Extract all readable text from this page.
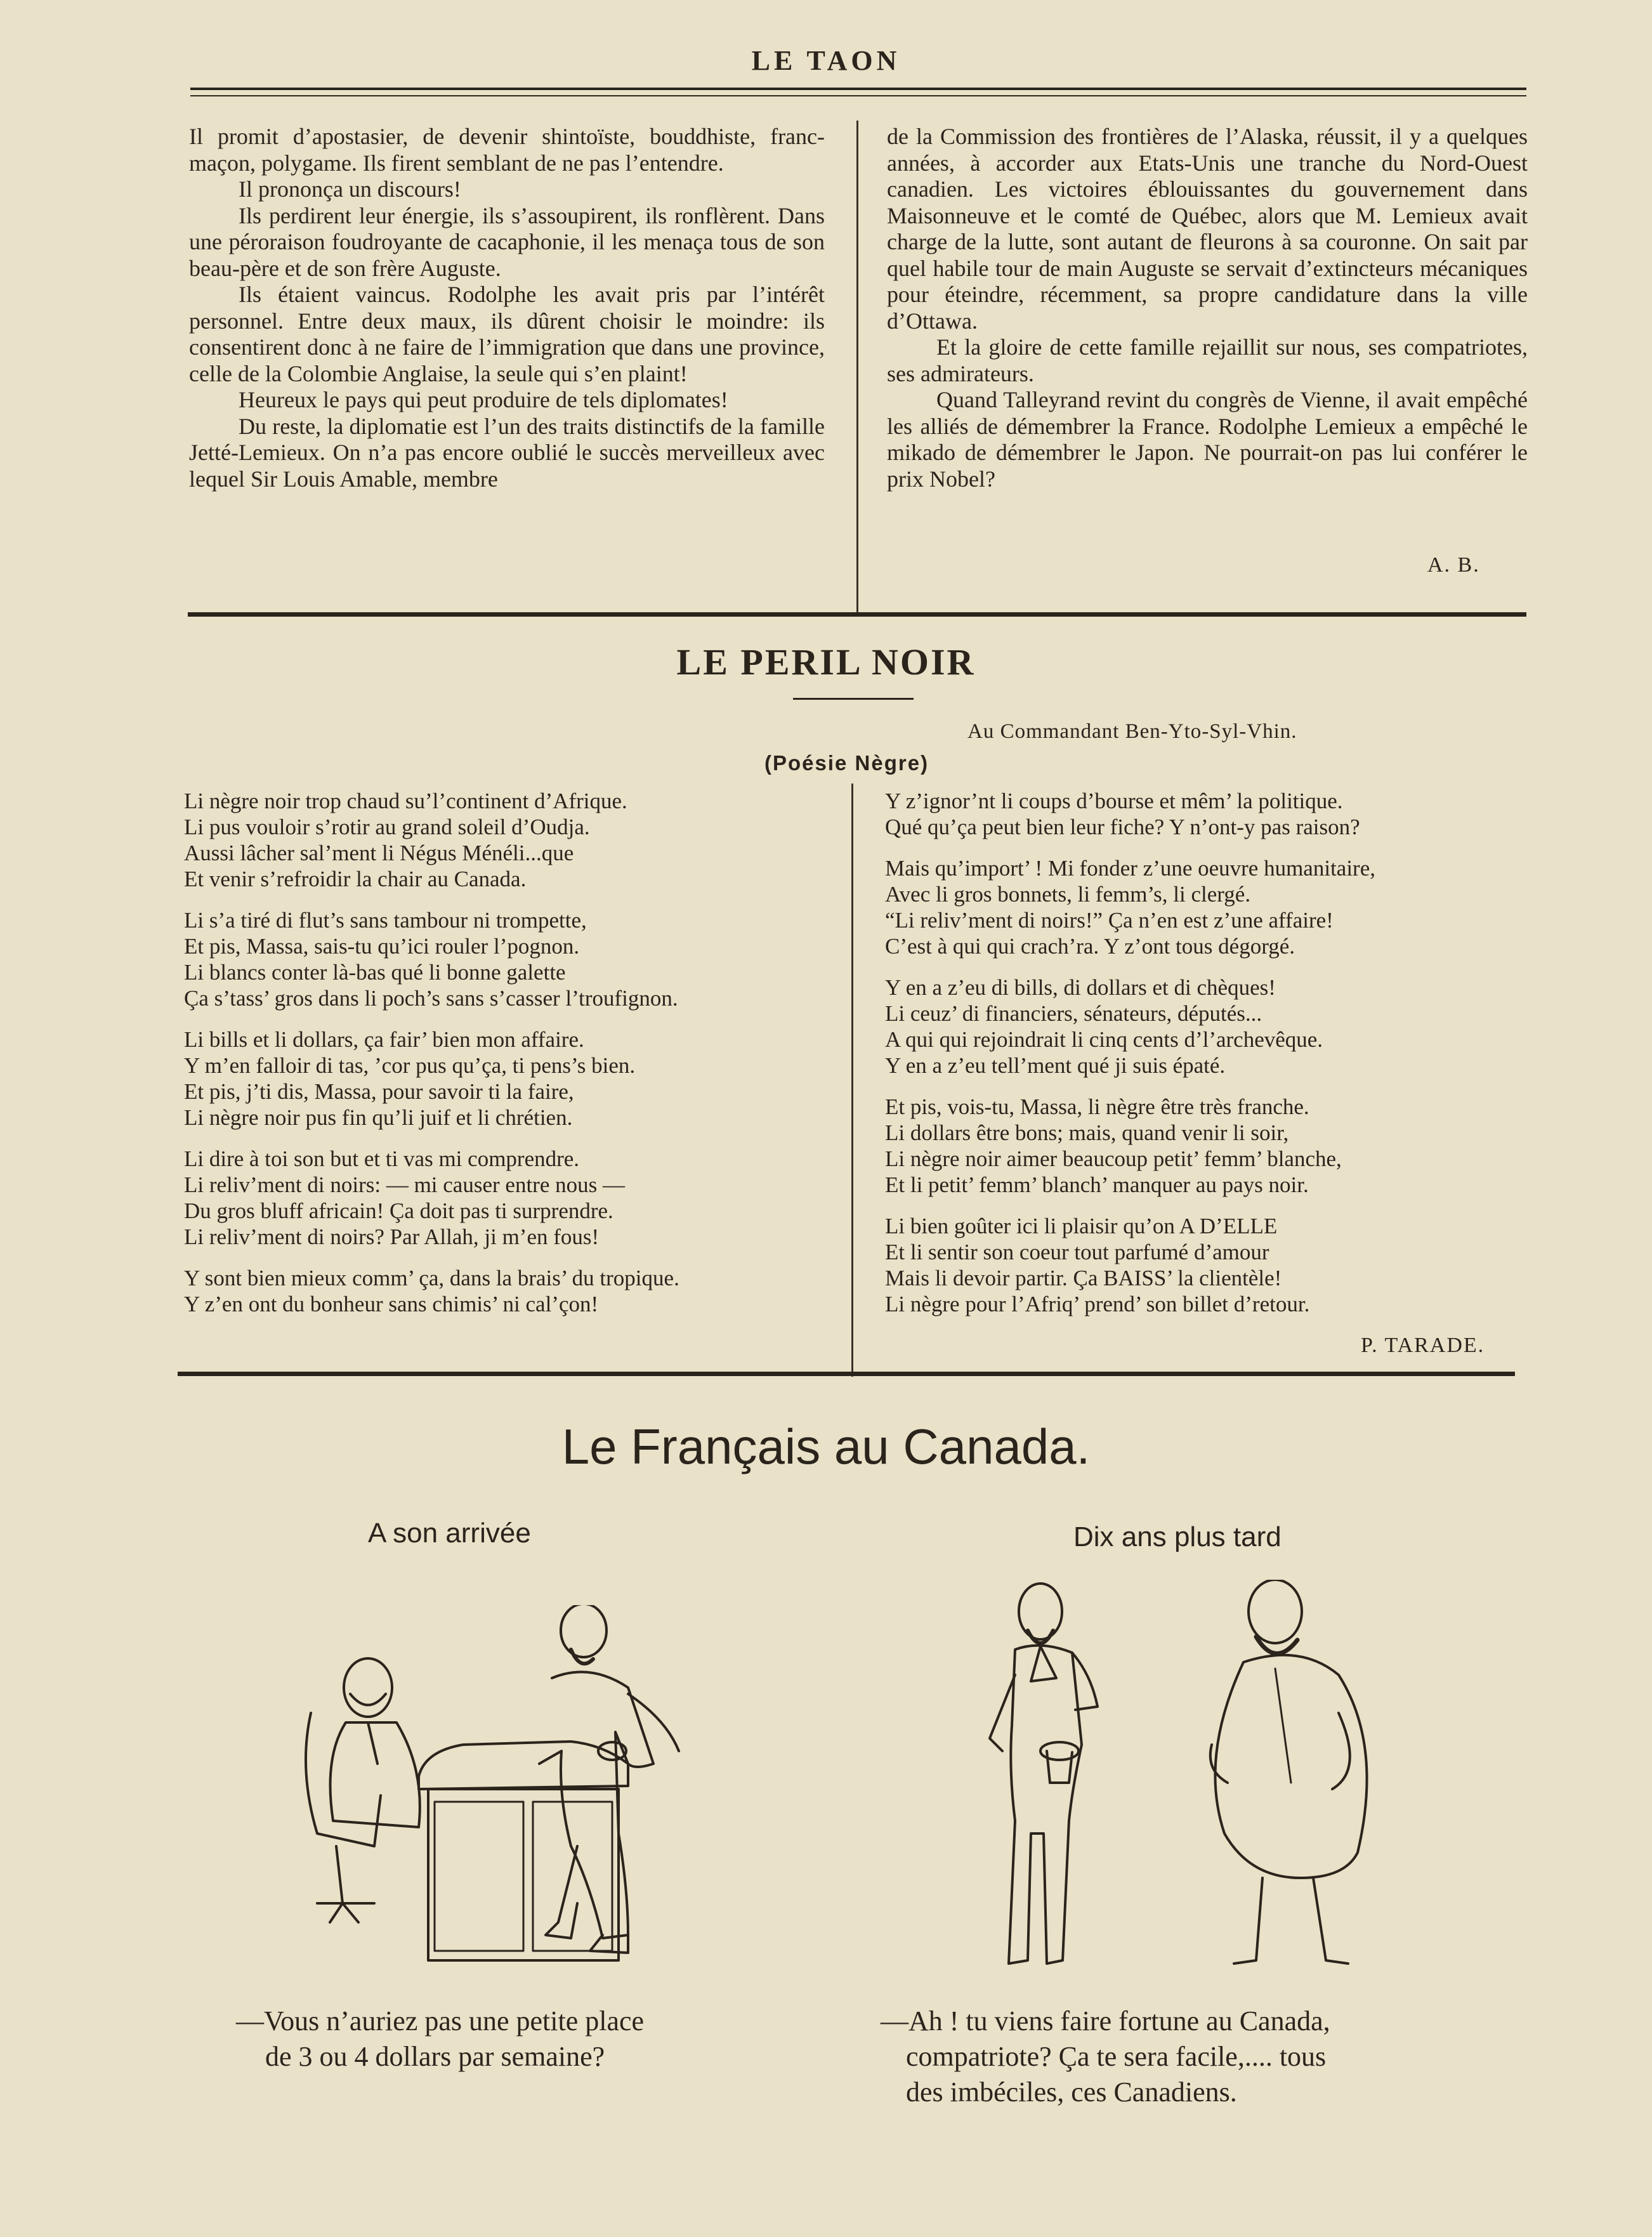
LE TAON

Il promit d’apostasier, de devenir shintoïste, bouddhiste, franc-maçon, polygame. Ils firent semblant de ne pas l’entendre.

Il prononça un discours!

Ils perdirent leur énergie, ils s’assoupirent, ils ronflèrent. Dans une péroraison foudroyante de cacaphonie, il les menaça tous de son beau-père et de son frère Auguste.

Ils étaient vaincus. Rodolphe les avait pris par l’intérêt personnel. Entre deux maux, ils dûrent choisir le moindre: ils consentirent donc à ne faire de l’immigration que dans une province, celle de la Colombie Anglaise, la seule qui s’en plaint!

Heureux le pays qui peut produire de tels diplomates!

Du reste, la diplomatie est l’un des traits distinctifs de la famille Jetté-Lemieux. On n’a pas encore oublié le succès merveilleux avec lequel Sir Louis Amable, membre

de la Commission des frontières de l’Alaska, réussit, il y a quelques années, à accorder aux Etats-Unis une tranche du Nord-Ouest canadien. Les victoires éblouissantes du gouvernement dans Maisonneuve et le comté de Québec, alors que M. Lemieux avait charge de la lutte, sont autant de fleurons à sa couronne. On sait par quel habile tour de main Auguste se servait d’extincteurs mécaniques pour éteindre, récemment, sa propre candidature dans la ville d’Ottawa.

Et la gloire de cette famille rejaillit sur nous, ses compatriotes, ses admirateurs.

Quand Talleyrand revint du congrès de Vienne, il avait empêché les alliés de démembrer la France. Rodolphe Lemieux a empêché le mikado de démembrer le Japon. Ne pourrait-on pas lui conférer le prix Nobel?

A. B.
LE PERIL NOIR
Au Commandant Ben-Yto-Syl-Vhin.
(Poésie Nègre)
Li nègre noir trop chaud su’l’continent d’Afrique.
Li pus vouloir s’rotir au grand soleil d’Oudja.
Aussi lâcher sal’ment li Négus Ménéli...que
Et venir s’refroidir la chair au Canada.
Li s’a tiré di flut’s sans tambour ni trompette,
Et pis, Massa, sais-tu qu’ici rouler l’pognon.
Li blancs conter là-bas qué li bonne galette
Ça s’tass’ gros dans li poch’s sans s’casser l’troufignon.
Li bills et li dollars, ça fair’ bien mon affaire.
Y m’en falloir di tas, ’cor pus qu’ça, ti pens’s bien.
Et pis, j’ti dis, Massa, pour savoir ti la faire,
Li nègre noir pus fin qu’li juif et li chrétien.
Li dire à toi son but et ti vas mi comprendre.
Li reliv’ment di noirs: — mi causer entre nous —
Du gros bluff africain! Ça doit pas ti surprendre.
Li reliv’ment di noirs? Par Allah, ji m’en fous!
Y sont bien mieux comm’ ça, dans la brais’ du tropique.
Y z’en ont du bonheur sans chimis’ ni cal’çon!
Y z’ignor’nt li coups d’bourse et mêm’ la politique.
Qué qu’ça peut bien leur fiche? Y n’ont-y pas raison?
Mais qu’import’ ! Mi fonder z’une oeuvre humanitaire,
Avec li gros bonnets, li femm’s, li clergé.
“Li reliv’ment di noirs!” Ça n’en est z’une affaire!
C’est à qui qui crach’ra. Y z’ont tous dégorgé.
Y en a z’eu di bills, di dollars et di chèques!
Li ceuz’ di financiers, sénateurs, députés...
A qui qui rejoindrait li cinq cents d’l’archevêque.
Y en a z’eu tell’ment qué ji suis épaté.
Et pis, vois-tu, Massa, li nègre être très franche.
Li dollars être bons; mais, quand venir li soir,
Li nègre noir aimer beaucoup petit’ femm’ blanche,
Et li petit’ femm’ blanch’ manquer au pays noir.
Li bien goûter ici li plaisir qu’on A D’ELLE
Et li sentir son coeur tout parfumé d’amour
Mais li devoir partir. Ça BAISS’ la clientèle!
Li nègre pour l’Afriq’ prend’ son billet d’retour.
P. TARADE.
Le Français au Canada.
A son arrivée	Dix ans plus tard
—Vous n’auriez pas une petite place
de 3 ou 4 dollars par semaine?
—Ah ! tu viens faire fortune au Canada,
compatriote? Ça te sera facile,.... tous
des imbéciles, ces Canadiens.
